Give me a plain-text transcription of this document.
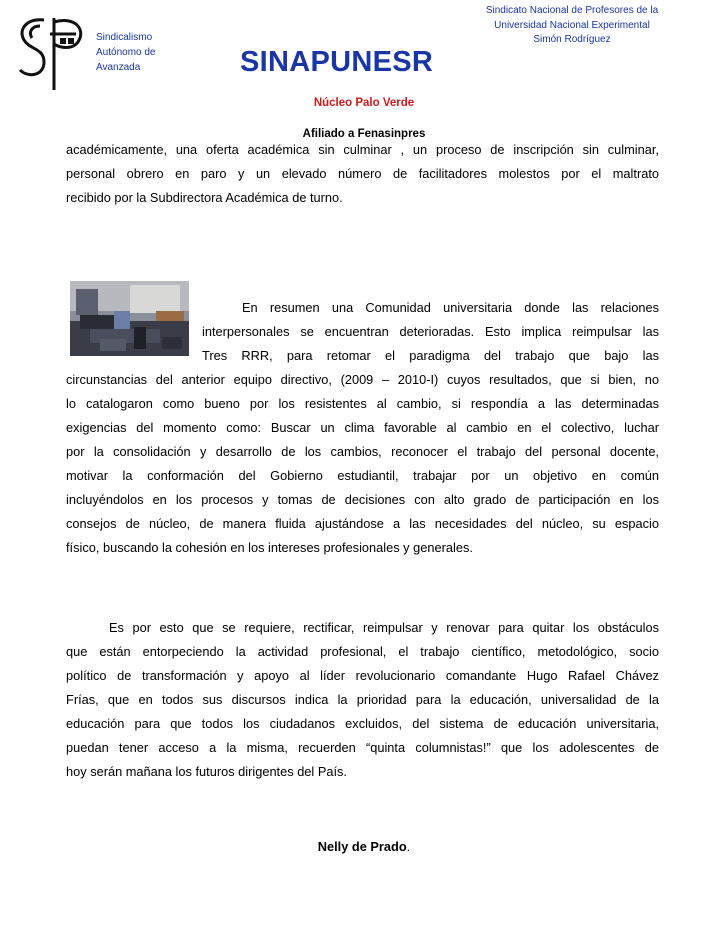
Sindicalismo
Autónomo de
Avanzada	SINAPUNESR
Sindicato Nacional de Profesores de la
Universidad Nacional Experimental
Simón Rodríguez
Núcleo Palo Verde
Afiliado a Fenasinpres
académicamente, una oferta académica sin culminar , un proceso de inscripción sin culminar,
personal obrero en paro y un elevado número de facilitadores molestos por el maltrato
recibido por la Subdirectora Académica de turno.
En resumen una Comunidad universitaria donde las relaciones
interpersonales se encuentran deterioradas. Esto implica reimpulsar las
Tres RRR, para retomar el paradigma del trabajo que bajo las
circunstancias del anterior equipo directivo, (2009 – 2010-I) cuyos resultados, que si bien, no
lo catalogaron como bueno por los resistentes al cambio, si respondía a las determinadas
exigencias del momento como: Buscar un clima favorable al cambio en el colectivo, luchar
por la consolidación y desarrollo de los cambios, reconocer el trabajo del personal docente,
motivar la conformación del Gobierno estudiantil, trabajar por un objetivo en común
incluyéndolos en los procesos y tomas de decisiones con alto grado de participación en los
consejos de núcleo, de manera fluida ajustándose a las necesidades del núcleo, su espacio
físico, buscando la cohesión en los intereses profesionales y generales.
Es por esto que se requiere, rectificar, reimpulsar y renovar para quitar los obstáculos
que están entorpeciendo la actividad profesional, el trabajo científico, metodológico, socio
político de transformación y apoyo al líder revolucionario comandante Hugo Rafael Chávez
Frías, que en todos sus discursos indica la prioridad para la educación, universalidad de la
educación para que todos los ciudadanos excluidos, del sistema de educación universitaria,
puedan tener acceso a la misma, recuerden “quinta columnistas!” que los adolescentes de
hoy serán mañana los futuros dirigentes del País.
Nelly de Prado.
